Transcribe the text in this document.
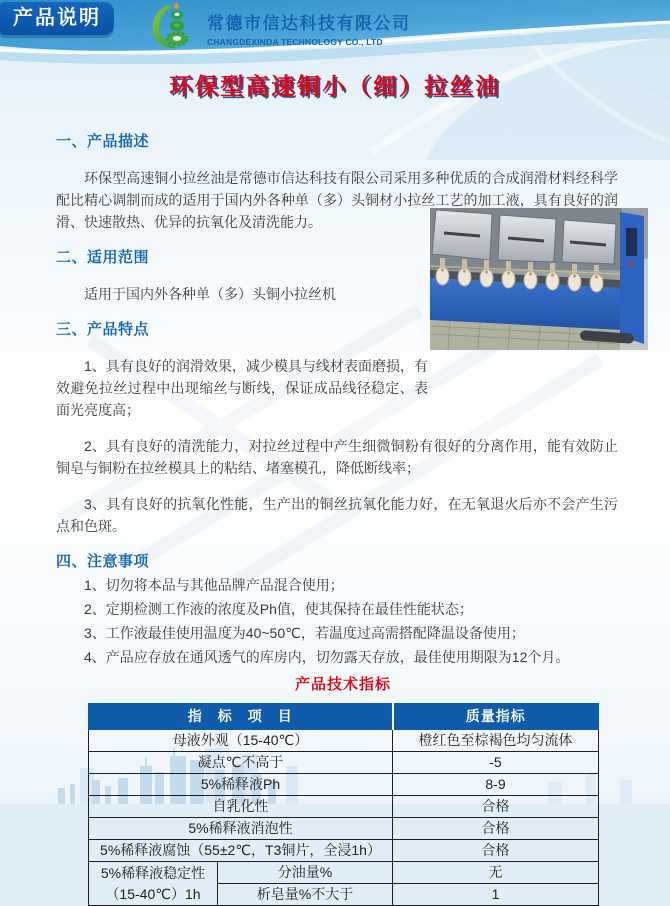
产品说明	常德市信达科技有限公司
CHANGDEXINDA TECHNOLOGY CO., LTD
环保型高速铜小（细）拉丝油
一、产品描述

环保型高速铜小拉丝油是常德市信达科技有限公司采用多种优质的合成润滑材料经科学配比精心调制而成的适用于国内外各种单（多）头铜材小拉丝工艺的加工液，具有良好的润滑、快速散热、优异的抗氧化及清洗能力。

二、适用范围

适用于国内外各种单（多）头铜小拉丝机

三、产品特点

1、具有良好的润滑效果，减少模具与线材表面磨损，有效避免拉丝过程中出现缩丝与断线，保证成品线径稳定、表面光亮度高；

2、具有良好的清洗能力，对拉丝过程中产生细微铜粉有很好的分离作用，能有效防止铜皂与铜粉在拉丝模具上的粘结、堵塞模孔，降低断线率；

3、具有良好的抗氧化性能，生产出的铜丝抗氧化能力好，在无氧退火后亦不会产生污点和色斑。

四、注意事项
1、切勿将本品与其他品牌产品混合使用；
2、定期检测工作液的浓度及Ph值，使其保持在最佳性能状态；
3、工作液最佳使用温度为40~50℃，若温度过高需搭配降温设备使用；
4、产品应存放在通风透气的库房内，切勿露天存放，最佳使用期限为12个月。
产品技术指标
指　标　项　目		质量指标
母液外观（15-40℃）		橙红色至棕褐色均匀流体
凝点℃不高于		-5
5%稀释液Ph		8-9
自乳化性		合格
5%稀释液消泡性		合格
5%稀释液腐蚀（55±2℃，T3铜片，全浸1h）		合格

5%稀释液稳定性
（15-40℃）1h	分油量%	无
	析皂量%不大于	1
